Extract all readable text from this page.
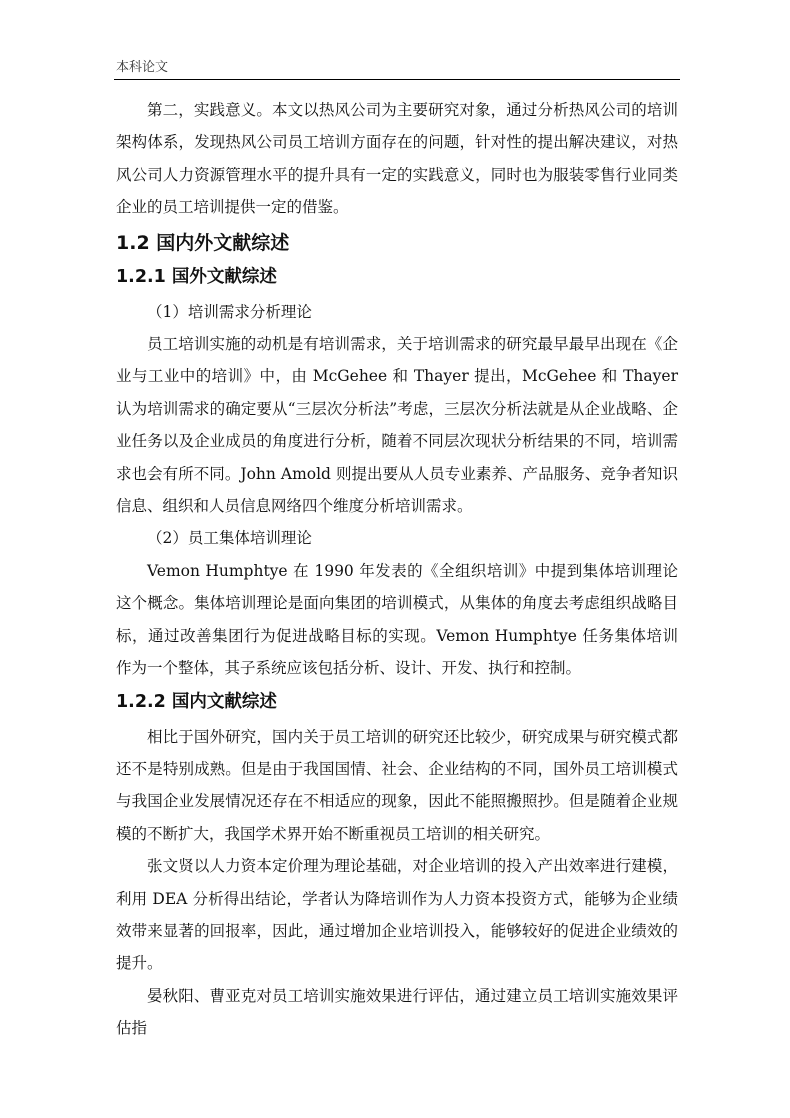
本科论文

第二，实践意义。本文以热风公司为主要研究对象，通过分析热风公司的培训架构体系，发现热风公司员工培训方面存在的问题，针对性的提出解决建议，对热风公司人力资源管理水平的提升具有一定的实践意义，同时也为服装零售行业同类企业的员工培训提供一定的借鉴。

1.2 国内外文献综述
1.2.1 国外文献综述

（1）培训需求分析理论

员工培训实施的动机是有培训需求，关于培训需求的研究最早最早出现在《企业与工业中的培训》中，由 McGehee 和 Thayer 提出，McGehee 和 Thayer 认为培训需求的确定要从“三层次分析法”考虑，三层次分析法就是从企业战略、企业任务以及企业成员的角度进行分析，随着不同层次现状分析结果的不同，培训需求也会有所不同。John Amold 则提出要从人员专业素养、产品服务、竞争者知识信息、组织和人员信息网络四个维度分析培训需求。

（2）员工集体培训理论

Vemon Humphtye 在 1990 年发表的《全组织培训》中提到集体培训理论这个概念。集体培训理论是面向集团的培训模式，从集体的角度去考虑组织战略目标，通过改善集团行为促进战略目标的实现。Vemon Humphtye 任务集体培训作为一个整体，其子系统应该包括分析、设计、开发、执行和控制。

1.2.2 国内文献综述

相比于国外研究，国内关于员工培训的研究还比较少，研究成果与研究模式都还不是特别成熟。但是由于我国国情、社会、企业结构的不同，国外员工培训模式与我国企业发展情况还存在不相适应的现象，因此不能照搬照抄。但是随着企业规模的不断扩大，我国学术界开始不断重视员工培训的相关研究。

张文贤以人力资本定价理为理论基础，对企业培训的投入产出效率进行建模，利用 DEA 分析得出结论，学者认为降培训作为人力资本投资方式，能够为企业绩效带来显著的回报率，因此，通过增加企业培训投入，能够较好的促进企业绩效的提升。

晏秋阳、曹亚克对员工培训实施效果进行评估，通过建立员工培训实施效果评估指
